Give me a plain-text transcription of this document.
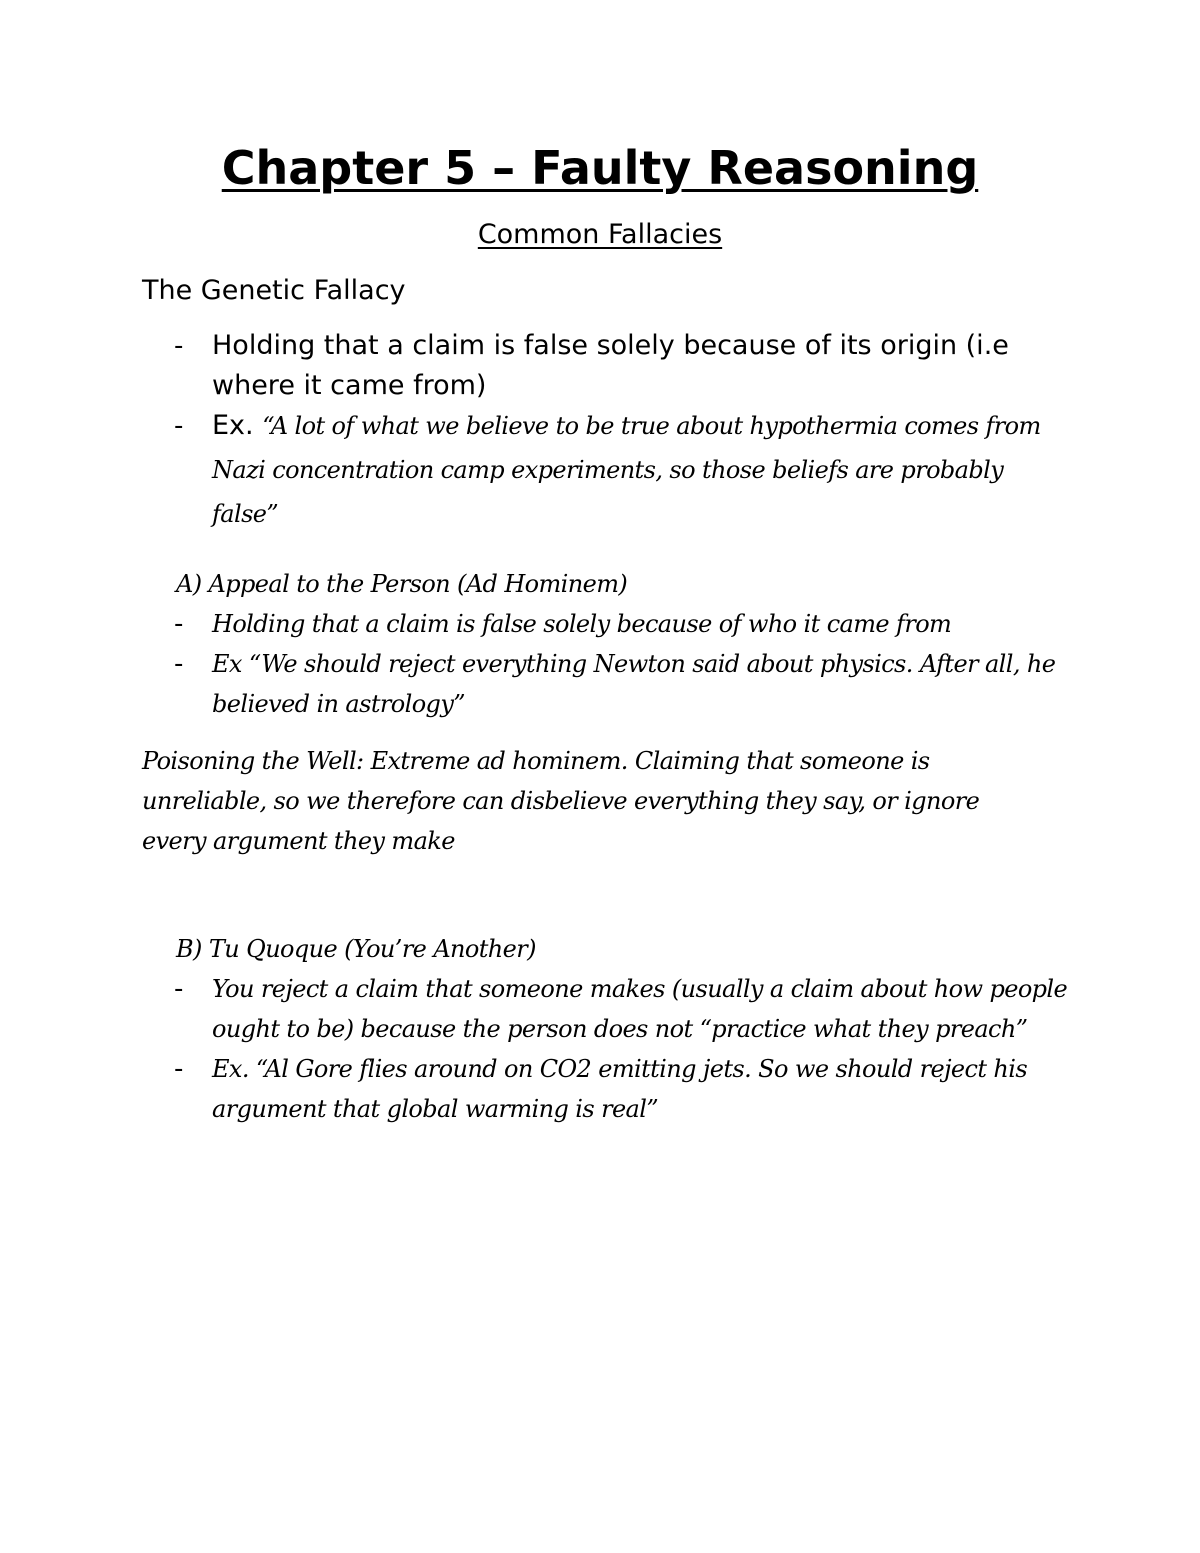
Chapter 5 – Faulty Reasoning
Common Fallacies
The Genetic Fallacy
- Holding that a claim is false solely because of its origin (i.e where it came from)
- Ex. “A lot of what we believe to be true about hypothermia comes from Nazi concentration camp experiments, so those beliefs are probably false”
A) Appeal to the Person (Ad Hominem)
- Holding that a claim is false solely because of who it came from
- Ex “We should reject everything Newton said about physics. After all, he believed in astrology”
Poisoning the Well: Extreme ad hominem. Claiming that someone is unreliable, so we therefore can disbelieve everything they say, or ignore every argument they make
B) Tu Quoque (You’re Another)
- You reject a claim that someone makes (usually a claim about how people ought to be) because the person does not “practice what they preach”
- Ex. “Al Gore flies around on CO2 emitting jets. So we should reject his argument that global warming is real”
